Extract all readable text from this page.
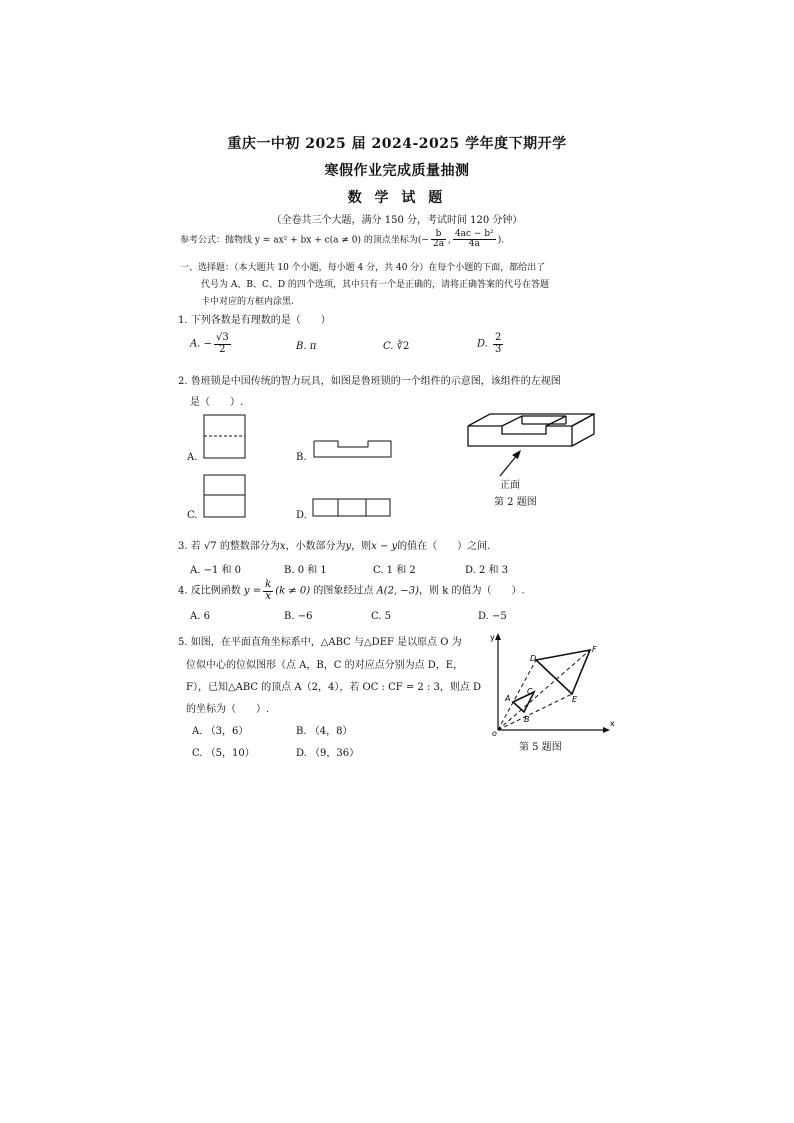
重庆一中初 2025 届 2024-2025 学年度下期开学
寒假作业完成质量抽测
数 学 试 题
（全卷共三个大题，满分 150 分，考试时间 120 分钟）
参考公式：抛物线 y = ax² + bx + c(a ≠ 0) 的顶点坐标为(− $\frac{b}{2a}$ , $\frac{\text{4ac − b²}}{4a}$ ).
一、选择题：（本大题共 10 个小题，每小题 4 分，共 40 分）在每个小题的下面，都给出了
代号为 A、B、C、D 的四个选项，其中只有一个是正确的，请将正确答案的代号在答题
卡中对应的方框内涂黑.
1. 下列各数是有理数的是（　　）
A. − $\frac{√3}{2}$	B. π	C. ∛2	D. $\frac{2}{3}$
2. 鲁班锁是中国传统的智力玩具，如图是鲁班锁的一个组件的示意图，该组件的左视图
是（　　）.
A.	B.
C.	D.
正面
第 2 题图
3. 若 √7 的整数部分为x，小数部分为y，则x − y的值在（　　）之间.
A. −1 和 0	B. 0 和 1	C. 1 和 2	D. 2 和 3
4. 反比例函数 $y = \frac{k}{x} (k \ne 0)$ 的图象经过点 A(2, −3)，则 k 的值为（　　）.
A. 6	B. −6	C. 5	D. −5
5. 如图，在平面直角坐标系中，△ABC 与△DEF 是以原点 O 为
位似中心的位似图形（点 A，B，C 的对应点分别为点 D，E，
F），已知△ABC 的顶点 A（2，4），若 OC : CF = 2 : 3，则点 D
的坐标为（　　）.
A. （3，6）	B. （4，8）
C. （5，10）	D. （9，36）
y
x
o
A
B
C
D
E
F
第 5 题图
